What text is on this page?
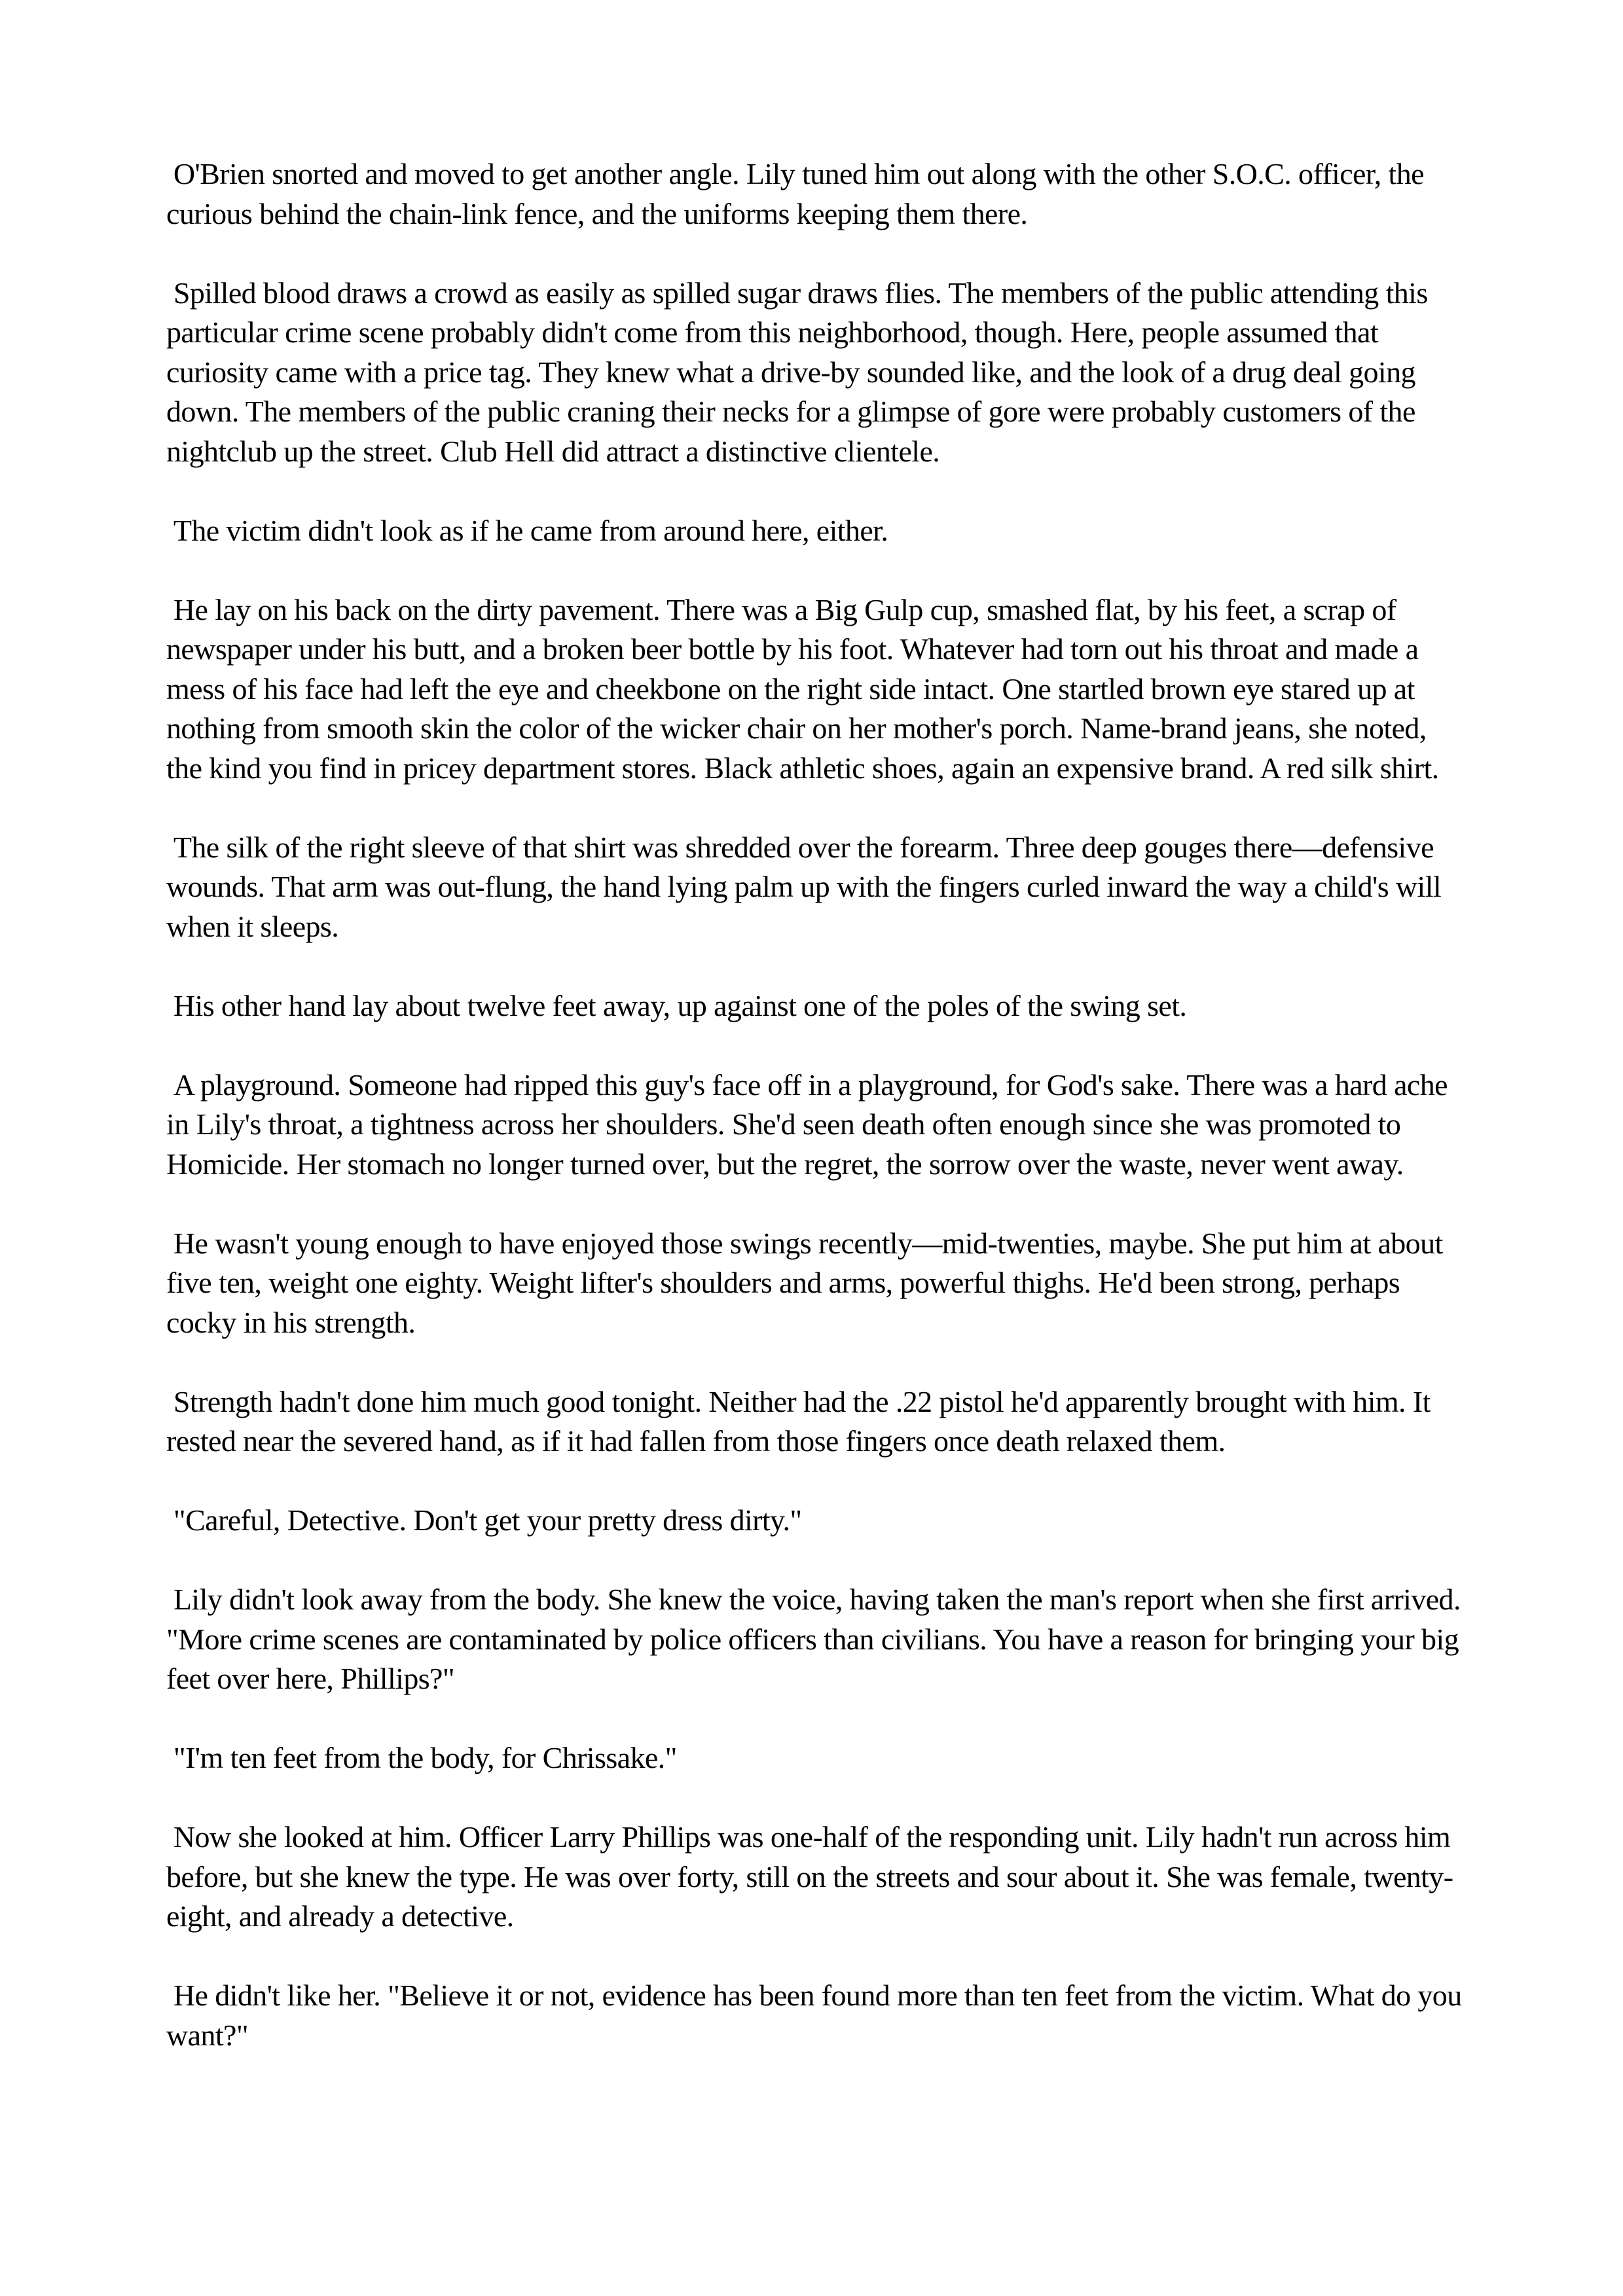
O'Brien snorted and moved to get another angle. Lily tuned him out along with the other S.O.C. officer, the curious behind the chain-link fence, and the uniforms keeping them there.

Spilled blood draws a crowd as easily as spilled sugar draws flies. The members of the public attending this particular crime scene probably didn't come from this neighborhood, though. Here, people assumed that curiosity came with a price tag. They knew what a drive-by sounded like, and the look of a drug deal going down. The members of the public craning their necks for a glimpse of gore were probably customers of the nightclub up the street. Club Hell did attract a distinctive clientele.

The victim didn't look as if he came from around here, either.

He lay on his back on the dirty pavement. There was a Big Gulp cup, smashed flat, by his feet, a scrap of newspaper under his butt, and a broken beer bottle by his foot. Whatever had torn out his throat and made a mess of his face had left the eye and cheekbone on the right side intact. One startled brown eye stared up at nothing from smooth skin the color of the wicker chair on her mother's porch. Name-brand jeans, she noted, the kind you find in pricey department stores. Black athletic shoes, again an expensive brand. A red silk shirt.

The silk of the right sleeve of that shirt was shredded over the forearm. Three deep gouges there—defensive wounds. That arm was out-flung, the hand lying palm up with the fingers curled inward the way a child's will when it sleeps.

His other hand lay about twelve feet away, up against one of the poles of the swing set.

A playground. Someone had ripped this guy's face off in a playground, for God's sake. There was a hard ache in Lily's throat, a tightness across her shoulders. She'd seen death often enough since she was promoted to Homicide. Her stomach no longer turned over, but the regret, the sorrow over the waste, never went away.

He wasn't young enough to have enjoyed those swings recently—mid-twenties, maybe. She put him at about five ten, weight one eighty. Weight lifter's shoulders and arms, powerful thighs. He'd been strong, perhaps cocky in his strength.

Strength hadn't done him much good tonight. Neither had the .22 pistol he'd apparently brought with him. It rested near the severed hand, as if it had fallen from those fingers once death relaxed them.

"Careful, Detective. Don't get your pretty dress dirty."

Lily didn't look away from the body. She knew the voice, having taken the man's report when she first arrived. "More crime scenes are contaminated by police officers than civilians. You have a reason for bringing your big feet over here, Phillips?"

"I'm ten feet from the body, for Chrissake."

Now she looked at him. Officer Larry Phillips was one-half of the responding unit. Lily hadn't run across him before, but she knew the type. He was over forty, still on the streets and sour about it. She was female, twenty-eight, and already a detective.

He didn't like her. "Believe it or not, evidence has been found more than ten feet from the victim. What do you want?"
